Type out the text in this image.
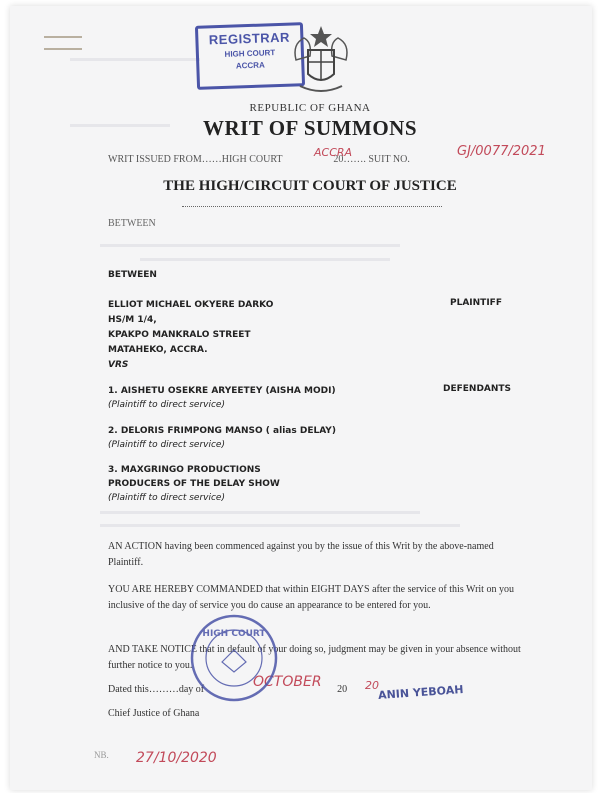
REGISTRAR
HIGH COURT
ACCRA
REPUBLIC OF GHANA
WRIT OF SUMMONS
WRIT ISSUED FROM……HIGH COURT	20……. SUIT NO.
ACCRA	GJ/0077/2021
THE HIGH/CIRCUIT COURT OF JUSTICE
BETWEEN
BETWEEN
ELLIOT MICHAEL OKYERE DARKO
HS/M 1/4,
KPAKPO MANKRALO STREET
MATAHEKO, ACCRA.
VRS
PLAINTIFF
DEFENDANTS
1. AISHETU OSEKRE ARYEETEY (AISHA MODI)
(Plaintiff to direct service)
2. DELORIS FRIMPONG MANSO ( alias DELAY)
(Plaintiff to direct service)
3. MAXGRINGO PRODUCTIONS
PRODUCERS OF THE DELAY SHOW
(Plaintiff to direct service)
AN ACTION having been commenced against you by the issue of this Writ by the above-named Plaintiff.
YOU ARE HEREBY COMMANDED that within EIGHT DAYS after the service of this Writ on you inclusive of the day of service you do cause an appearance to be entered for you.
AND TAKE NOTICE that in default of your doing so, judgment may be given in your absence without further notice to you.
Dated this………day of	20
OCTOBER	20
Chief Justice of Ghana
ANIN YEBOAH
HIGH COURT
NB. 27/10/2020
